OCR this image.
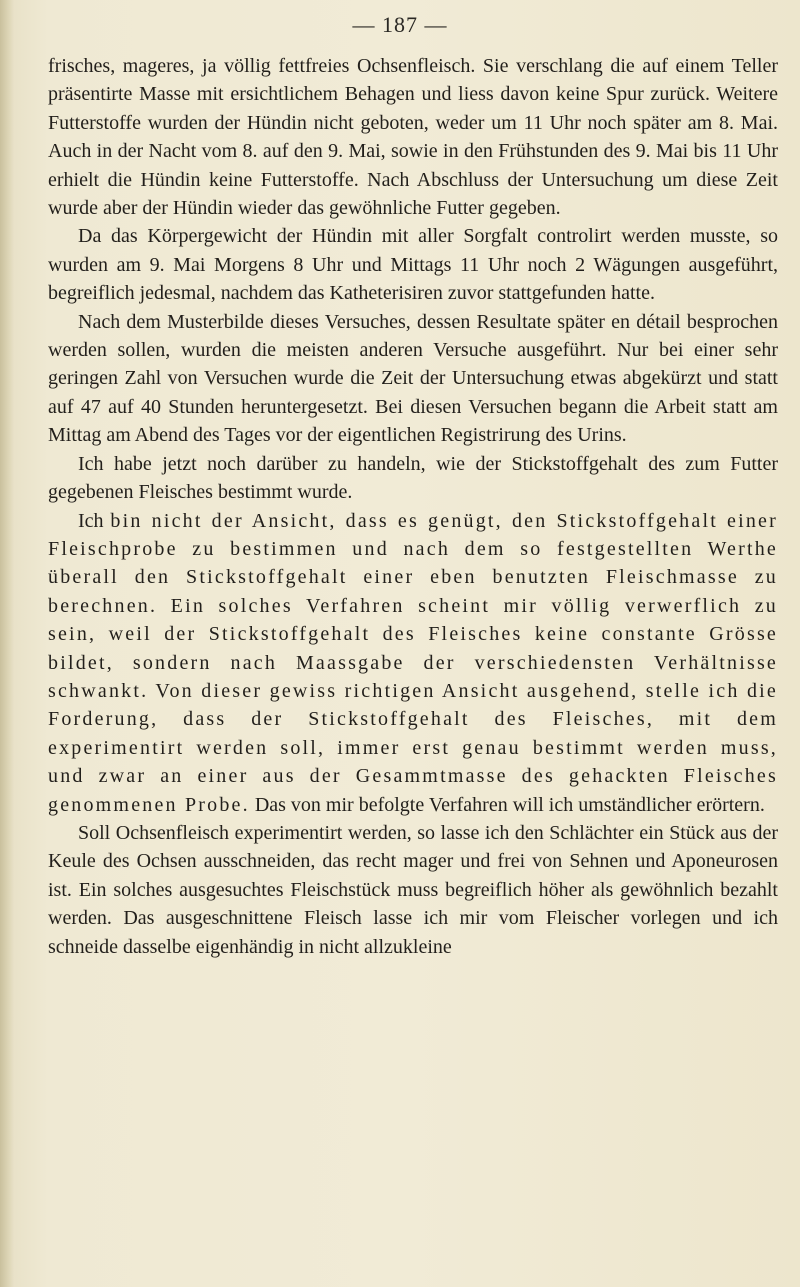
— 187 —

frisches, mageres, ja völlig fettfreies Ochsenfleisch. Sie verschlang die auf einem Teller präsentirte Masse mit ersichtlichem Behagen und liess davon keine Spur zurück. Weitere Futterstoffe wurden der Hündin nicht geboten, weder um 11 Uhr noch später am 8. Mai. Auch in der Nacht vom 8. auf den 9. Mai, sowie in den Frühstunden des 9. Mai bis 11 Uhr erhielt die Hündin keine Futterstoffe. Nach Abschluss der Untersuchung um diese Zeit wurde aber der Hündin wieder das gewöhnliche Futter gegeben.

Da das Körpergewicht der Hündin mit aller Sorgfalt controlirt werden musste, so wurden am 9. Mai Morgens 8 Uhr und Mittags 11 Uhr noch 2 Wägungen ausgeführt, begreiflich jedesmal, nachdem das Katheterisiren zuvor stattgefunden hatte.

Nach dem Musterbilde dieses Versuches, dessen Resultate später en détail besprochen werden sollen, wurden die meisten anderen Versuche ausgeführt. Nur bei einer sehr geringen Zahl von Versuchen wurde die Zeit der Untersuchung etwas abgekürzt und statt auf 47 auf 40 Stunden heruntergesetzt. Bei diesen Versuchen begann die Arbeit statt am Mittag am Abend des Tages vor der eigentlichen Registrirung des Urins.

Ich habe jetzt noch darüber zu handeln, wie der Stickstoffgehalt des zum Futter gegebenen Fleisches bestimmt wurde.

Ich bin nicht der Ansicht, dass es genügt, den Stickstoffgehalt einer Fleischprobe zu bestimmen und nach dem so festgestellten Werthe überall den Stickstoffgehalt einer eben benutzten Fleischmasse zu berechnen. Ein solches Verfahren scheint mir völlig verwerflich zu sein, weil der Stickstoffgehalt des Fleisches keine constante Grösse bildet, sondern nach Maassgabe der verschiedensten Verhältnisse schwankt. Von dieser gewiss richtigen Ansicht ausgehend, stelle ich die Forderung, dass der Stickstoffgehalt des Fleisches, mit dem experimentirt werden soll, immer erst genau bestimmt werden muss, und zwar an einer aus der Gesammtmasse des gehackten Fleisches genommenen Probe. Das von mir befolgte Verfahren will ich umständlicher erörtern.

Soll Ochsenfleisch experimentirt werden, so lasse ich den Schlächter ein Stück aus der Keule des Ochsen ausschneiden, das recht mager und frei von Sehnen und Aponeurosen ist. Ein solches ausgesuchtes Fleischstück muss begreiflich höher als gewöhnlich bezahlt werden. Das ausgeschnittene Fleisch lasse ich mir vom Fleischer vorlegen und ich schneide dasselbe eigenhändig in nicht allzukleine
